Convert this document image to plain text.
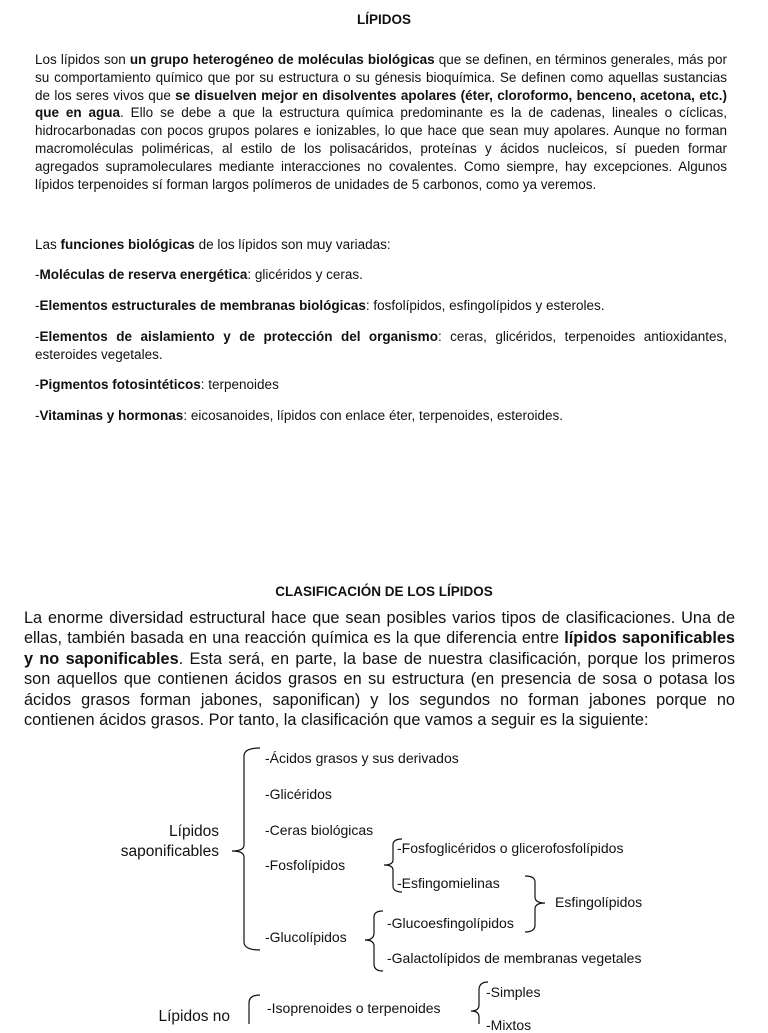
LÍPIDOS

Los lípidos son un grupo heterogéneo de moléculas biológicas que se definen, en términos generales, más por su comportamiento químico que por su estructura o su génesis bioquímica. Se definen como aquellas sustancias de los seres vivos que se disuelven mejor en disolventes apolares (éter, cloroformo, benceno, acetona, etc.) que en agua. Ello se debe a que la estructura química predominante es la de cadenas, lineales o cíclicas, hidrocarbonadas con pocos grupos polares e ionizables, lo que hace que sean muy apolares. Aunque no forman macromoléculas poliméricas, al estilo de los polisacáridos, proteínas y ácidos nucleicos, sí pueden formar agregados supramoleculares mediante interacciones no covalentes. Como siempre, hay excepciones. Algunos lípidos terpenoides sí forman largos polímeros de unidades de 5 carbonos, como ya veremos.

Las funciones biológicas de los lípidos son muy variadas:

-Moléculas de reserva energética: glicéridos y ceras.

-Elementos estructurales de membranas biológicas: fosfolípidos, esfingolípidos y esteroles.

-Elementos de aislamiento y de protección del organismo: ceras, glicéridos, terpenoides antioxidantes, esteroides vegetales.

-Pigmentos fotosintéticos: terpenoides

-Vitaminas y hormonas: eicosanoides, lípidos con enlace éter, terpenoides, esteroides.

CLASIFICACIÓN DE LOS LÍPIDOS

La enorme diversidad estructural hace que sean posibles varios tipos de clasificaciones. Una de ellas, también basada en una reacción química es la que diferencia entre lípidos saponificables y no saponificables. Esta será, en parte, la base de nuestra clasificación, porque los primeros son aquellos que contienen ácidos grasos en su estructura (en presencia de sosa o potasa los ácidos grasos forman jabones, saponifican) y los segundos no forman jabones porque no contienen ácidos grasos. Por tanto, la clasificación que vamos a seguir es la siguiente:

Lípidos
saponificables
-Ácidos grasos y sus derivados
-Glicéridos
-Ceras biológicas
-Fosfolípidos
-Fosfoglicéridos o glicerofosfolípidos
-Esfingomielinas
Esfingolípidos
-Glucolípidos
-Glucoesfingolípidos
-Galactolípidos de membranas vegetales
Lípidos no	-Isoprenoides o terpenoides
-Simples
-Mixtos
